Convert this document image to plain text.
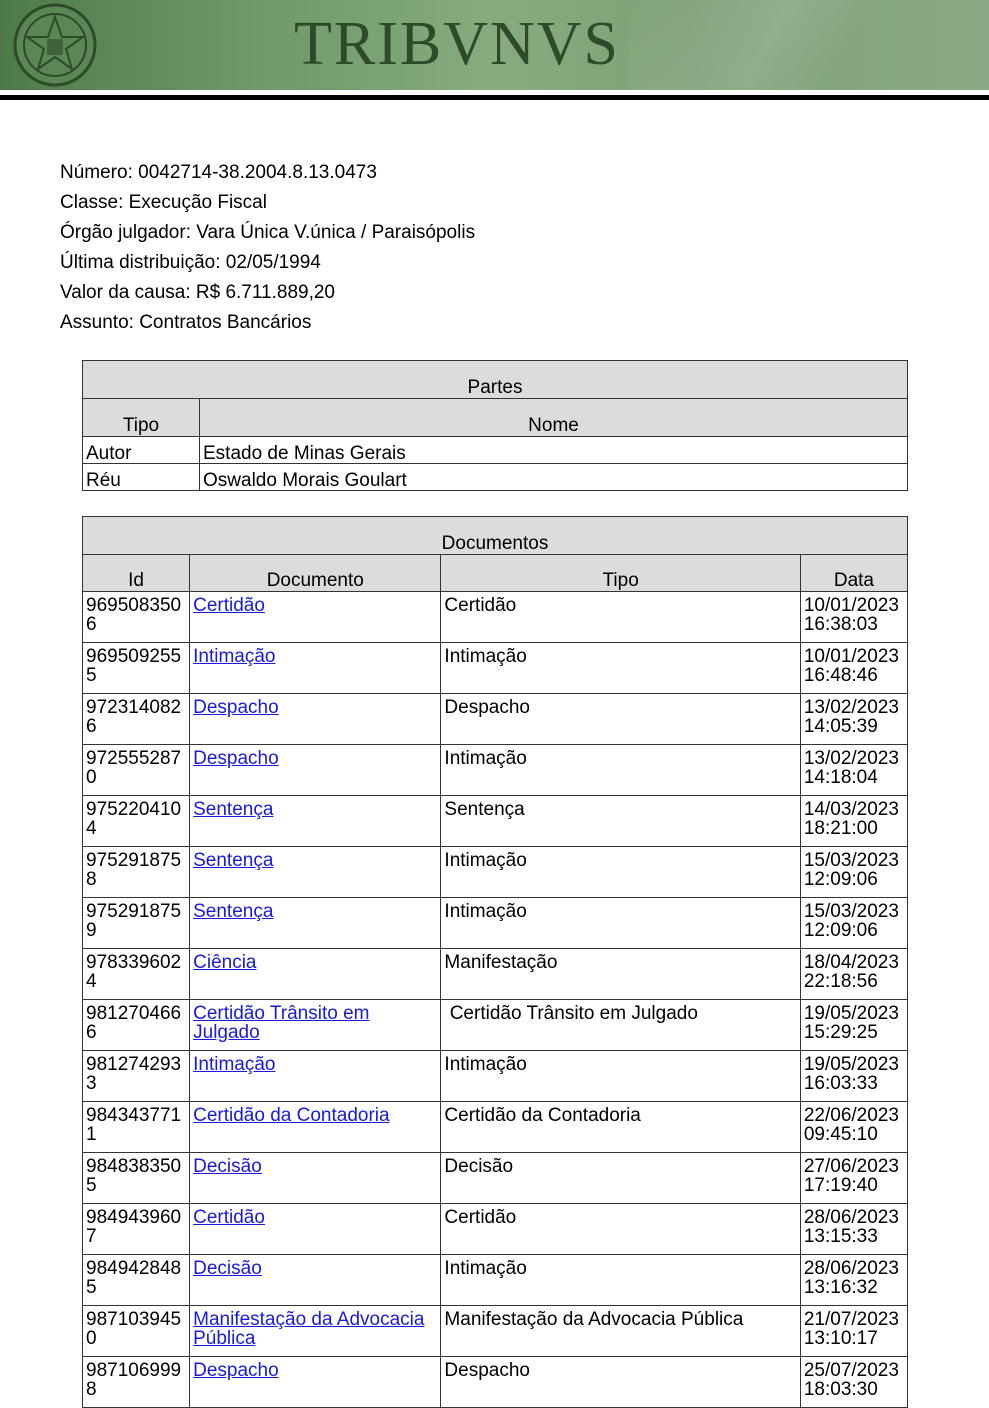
TRIBVNVS
Número: 0042714-38.2004.8.13.0473
Classe: Execução Fiscal
Órgão julgador: Vara Única V.única / Paraisópolis
Última distribuição: 02/05/1994
Valor da causa: R$ 6.711.889,20
Assunto: Contratos Bancários
Partes	
Tipo	Nome
Autor	Estado de Minas Gerais
Réu	Oswaldo Morais Goulart
Documentos			
Id	Documento	Tipo	Data
9695083506	Certidão	Certidão	10/01/2023 16:38:03
9695092555	Intimação	Intimação	10/01/2023 16:48:46
9723140826	Despacho	Despacho	13/02/2023 14:05:39
9725552870	Despacho	Intimação	13/02/2023 14:18:04
9752204104	Sentença	Sentença	14/03/2023 18:21:00
9752918758	Sentença	Intimação	15/03/2023 12:09:06
9752918759	Sentença	Intimação	15/03/2023 12:09:06
9783396024	Ciência	Manifestação	18/04/2023 22:18:56
9812704666	Certidão Trânsito em Julgado	Certidão Trânsito em Julgado	19/05/2023 15:29:25
9812742933	Intimação	Intimação	19/05/2023 16:03:33
9843437711	Certidão da Contadoria	Certidão da Contadoria	22/06/2023 09:45:10
9848383505	Decisão	Decisão	27/06/2023 17:19:40
9849439607	Certidão	Certidão	28/06/2023 13:15:33
9849428485	Decisão	Intimação	28/06/2023 13:16:32
9871039450	Manifestação da Advocacia Pública	Manifestação da Advocacia Pública	21/07/2023 13:10:17
9871069998	Despacho	Despacho	25/07/2023 18:03:30
